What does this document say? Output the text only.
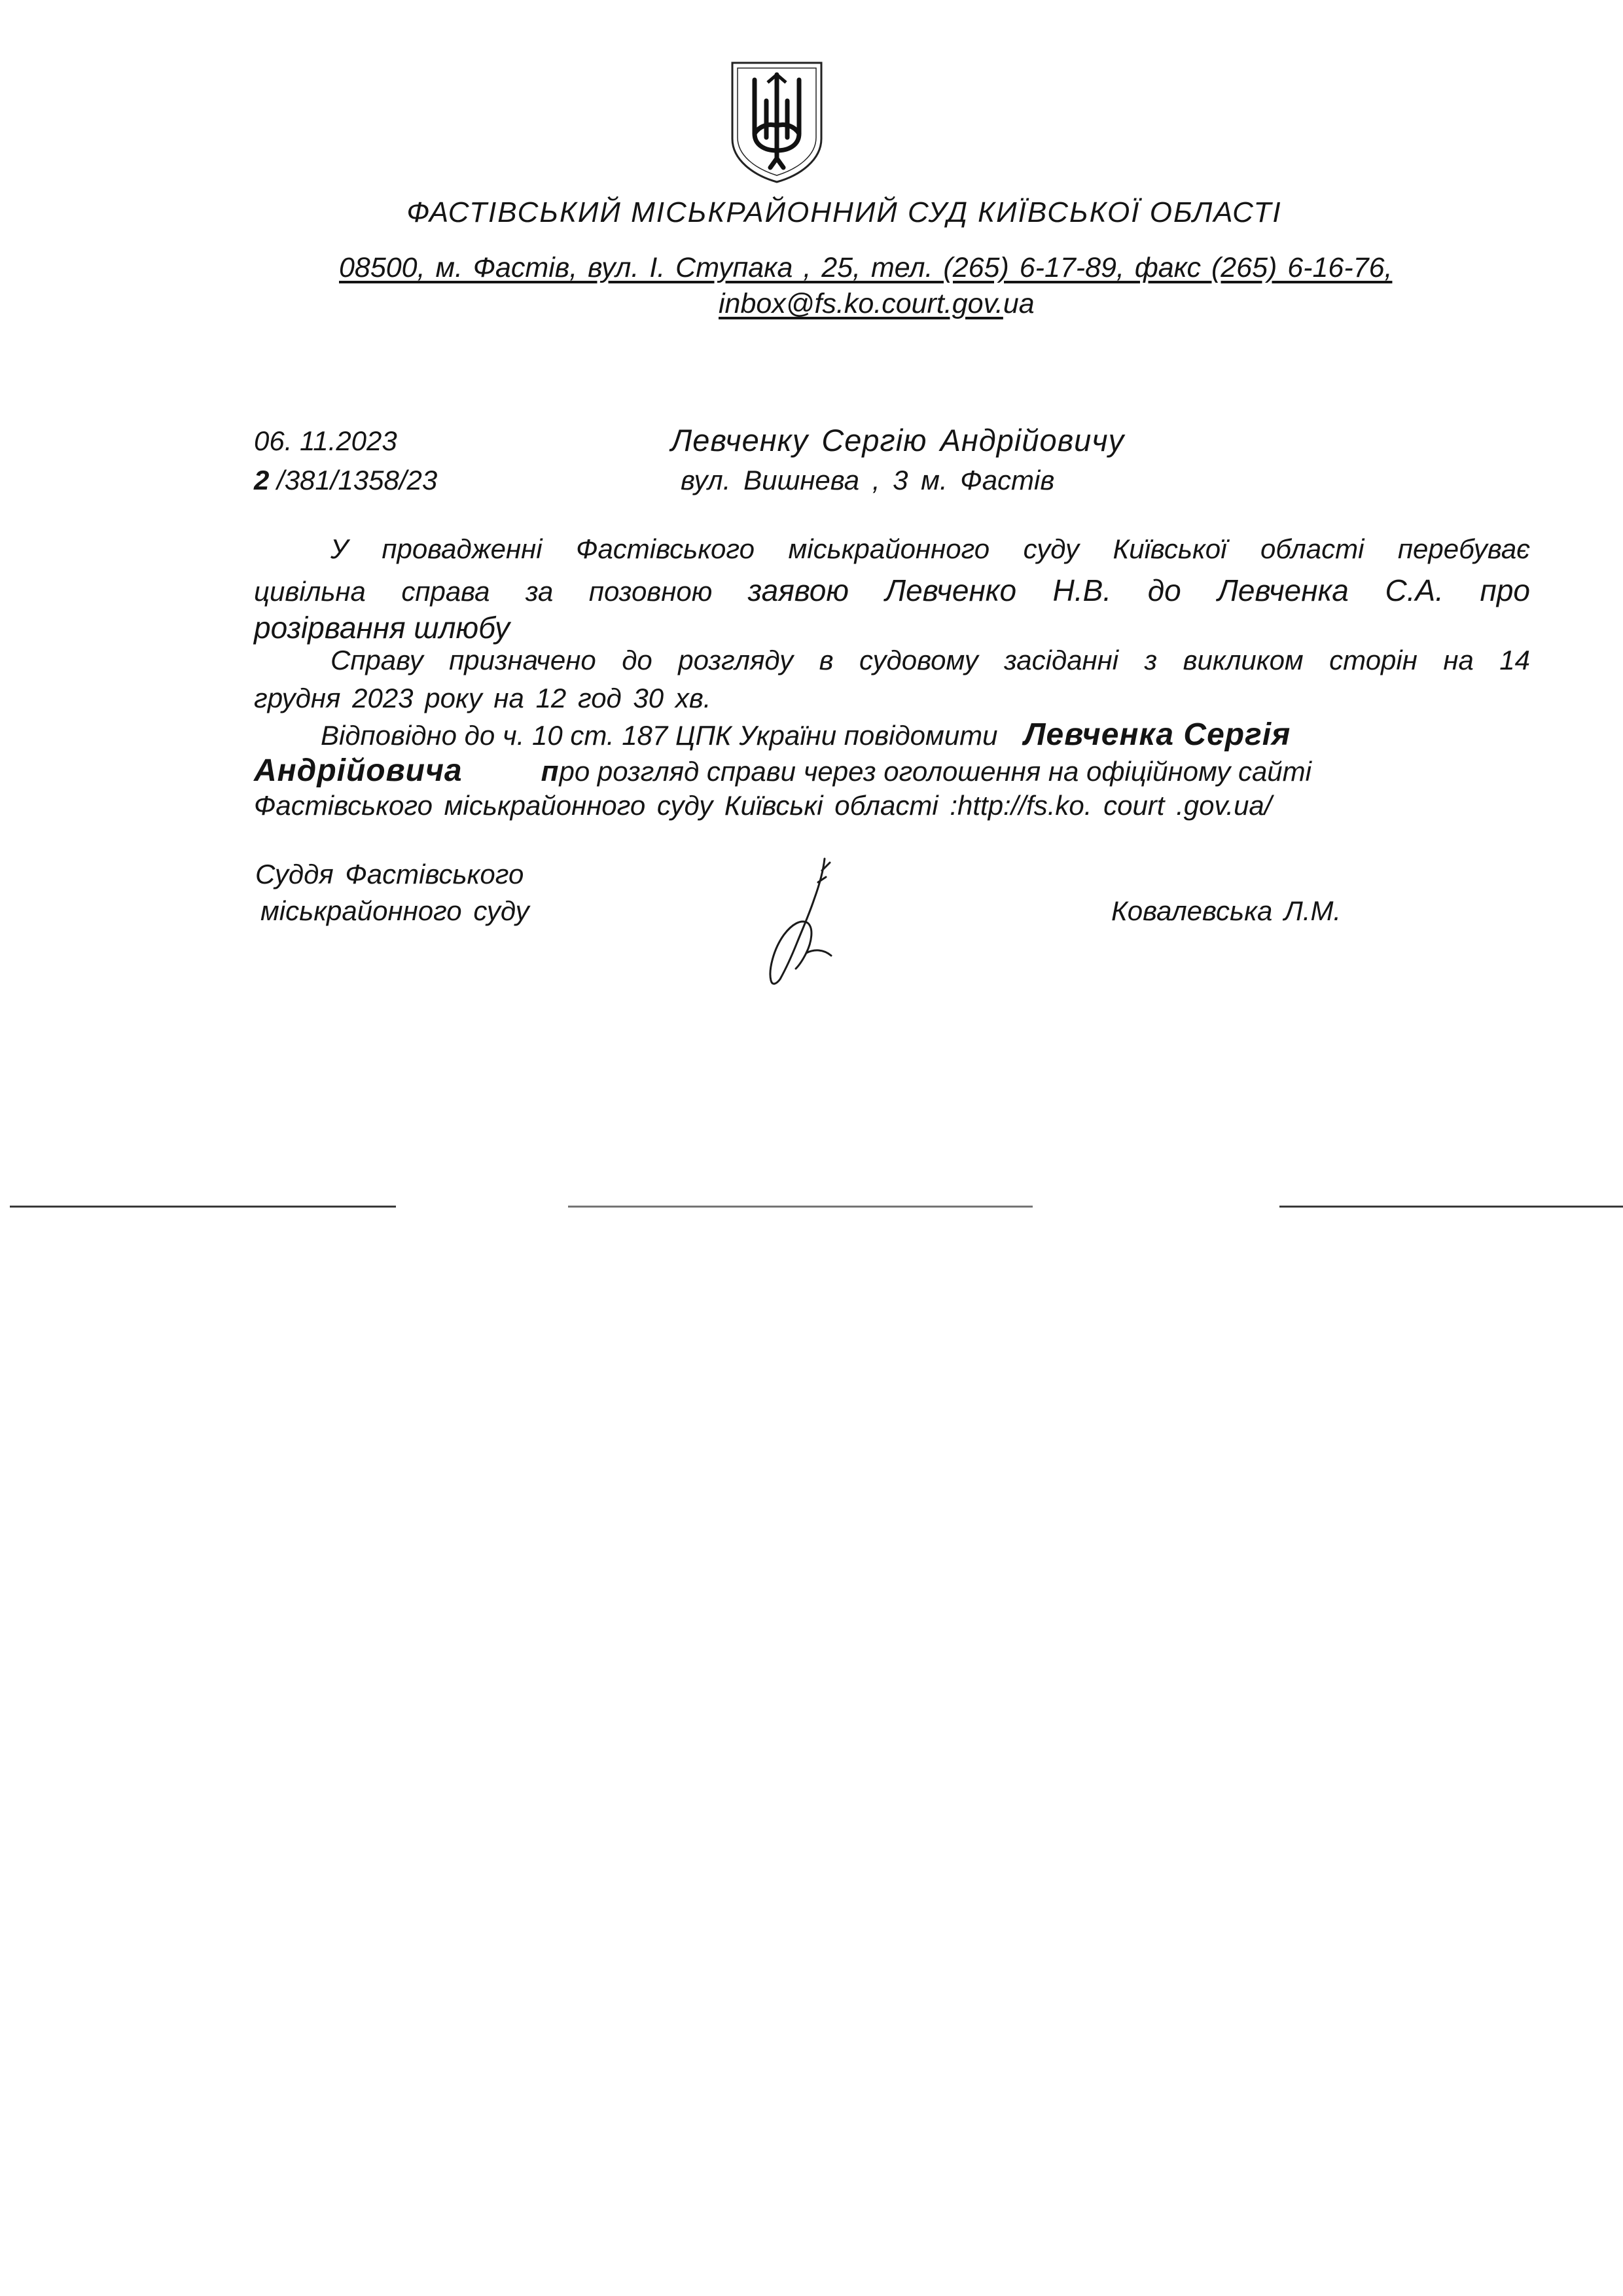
ФАСТІВСЬКИЙ МІСЬКРАЙОННИЙ СУД КИЇВСЬКОЇ ОБЛАСТІ
08500, м. Фастів, вул. І. Ступака , 25, тел. (265) 6-17-89, факс (265) 6-16-76,
inbox@fs.ko.court.gov.ua
06. 11.2023
2 /381/1358/23
Левченку Сергію Андрійовичу
вул. Вишнева , 3 м. Фастів
У провадженні Фастівського міськрайонного суду Київської області перебуває
цивільна справа за позовною заявою Левченко Н.В. до Левченка С.А. про
розірвання шлюбу
Справу призначено до розгляду в судовому засіданні з викликом сторін на 14
грудня 2023 року на 12 год 30 хв.
Відповідно до ч. 10 ст. 187 ЦПК України повідомити Левченка Сергія
Андрійовича	про розгляд справи через оголошення на офіційному сайті
Фастівського міськрайонного суду Київські області :http://fs.ko. court .gov.ua/
Суддя Фастівського
міськрайонного суду	Ковалевська Л.М.
